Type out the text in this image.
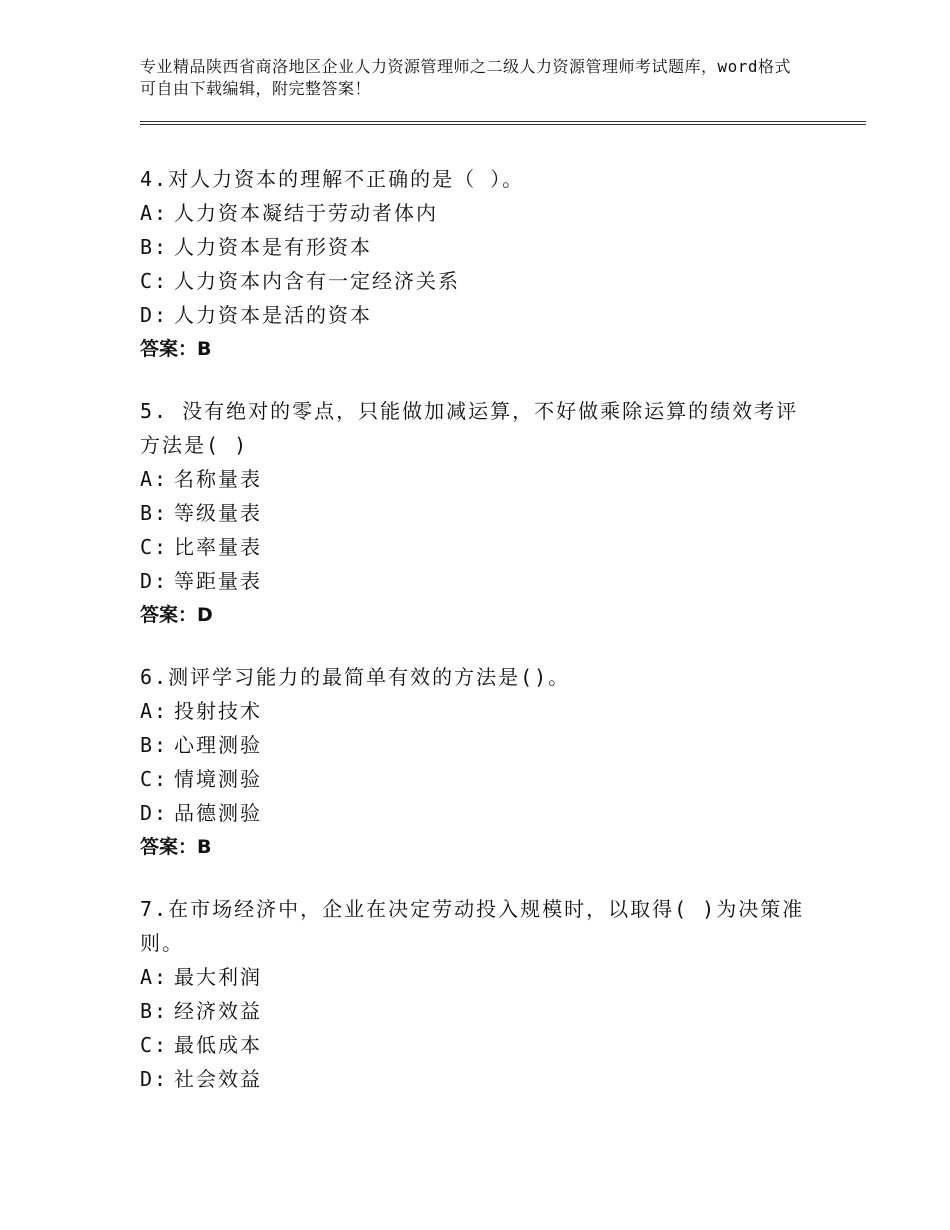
专业精品陕西省商洛地区企业人力资源管理师之二级人力资源管理师考试题库，word格式可自由下载编辑，附完整答案！
4.对人力资本的理解不正确的是（ ）。
A: 人力资本凝结于劳动者体内
B: 人力资本是有形资本
C: 人力资本内含有一定经济关系
D: 人力资本是活的资本
答案：B
5. 没有绝对的零点，只能做加减运算，不好做乘除运算的绩效考评方法是( )
A: 名称量表
B: 等级量表
C: 比率量表
D: 等距量表
答案：D
6.测评学习能力的最简单有效的方法是()。
A: 投射技术
B: 心理测验
C: 情境测验
D: 品德测验
答案：B
7.在市场经济中，企业在决定劳动投入规模时，以取得( )为决策准则。
A: 最大利润
B: 经济效益
C: 最低成本
D: 社会效益
